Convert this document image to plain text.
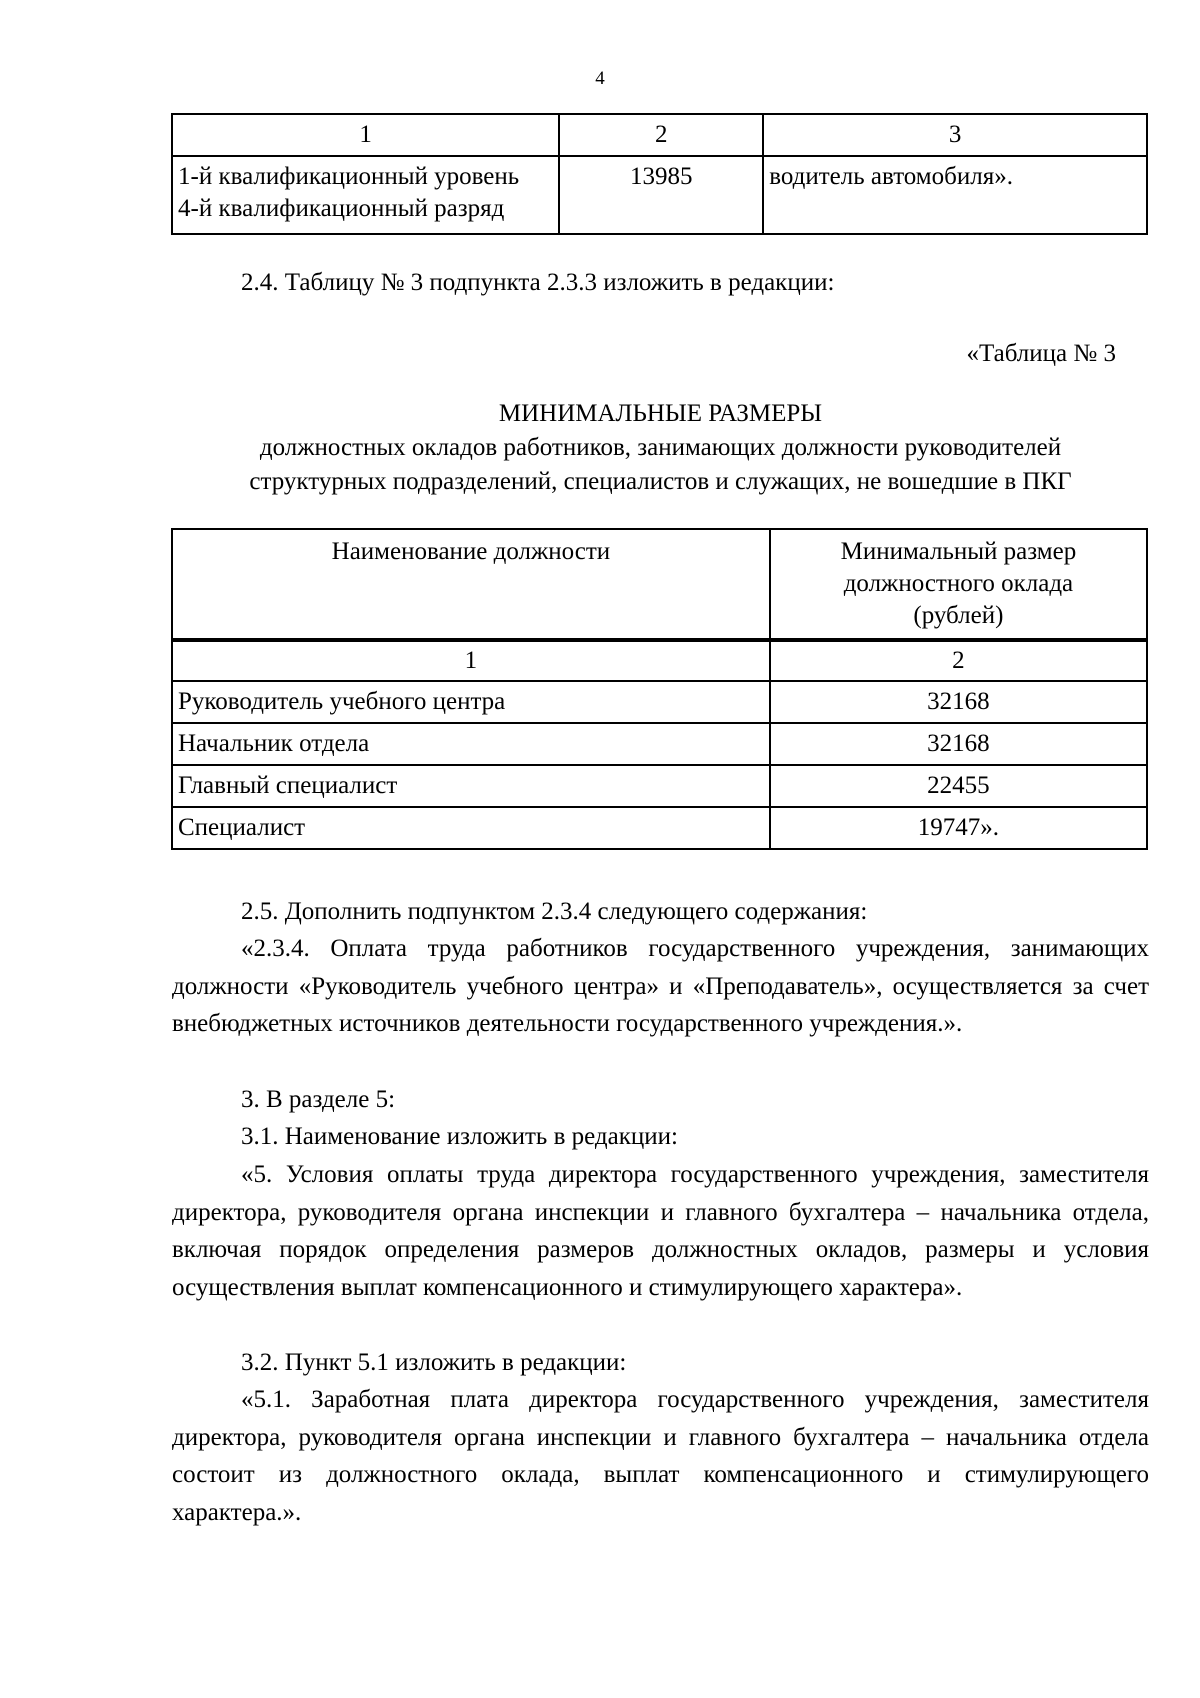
4
1	2	3

1-й квалификационный уровень
4-й квалификационный разряд	13985	водитель автомобиля».

2.4. Таблицу № 3 подпункта 2.3.3 изложить в редакции:

«Таблица № 3
МИНИМАЛЬНЫЕ РАЗМЕРЫ
должностных окладов работников, занимающих должности руководителей
структурных подразделений, специалистов и служащих, не вошедшие в ПКГ
Наименование должности	Минимальный размер
должностного оклада
(рублей)

1	2
Руководитель учебного центра	32168
Начальник отдела	32168
Главный специалист	22455
Специалист	19747».

2.5. Дополнить подпунктом 2.3.4 следующего содержания:

«2.3.4. Оплата труда работников государственного учреждения, занимающих должности «Руководитель учебного центра» и «Преподаватель», осуществляется за счет внебюджетных источников деятельности государственного учреждения.».

3. В разделе 5:

3.1. Наименование изложить в редакции:

«5. Условия оплаты труда директора государственного учреждения, заместителя директора, руководителя органа инспекции и главного бухгалтера – начальника отдела, включая порядок определения размеров должностных окладов, размеры и условия осуществления выплат компенсационного и стимулирующего характера».

3.2. Пункт 5.1 изложить в редакции:

«5.1. Заработная плата директора государственного учреждения, заместителя директора, руководителя органа инспекции и главного бухгалтера – начальника отдела состоит из должностного оклада, выплат компенсационного и стимулирующего характера.».
